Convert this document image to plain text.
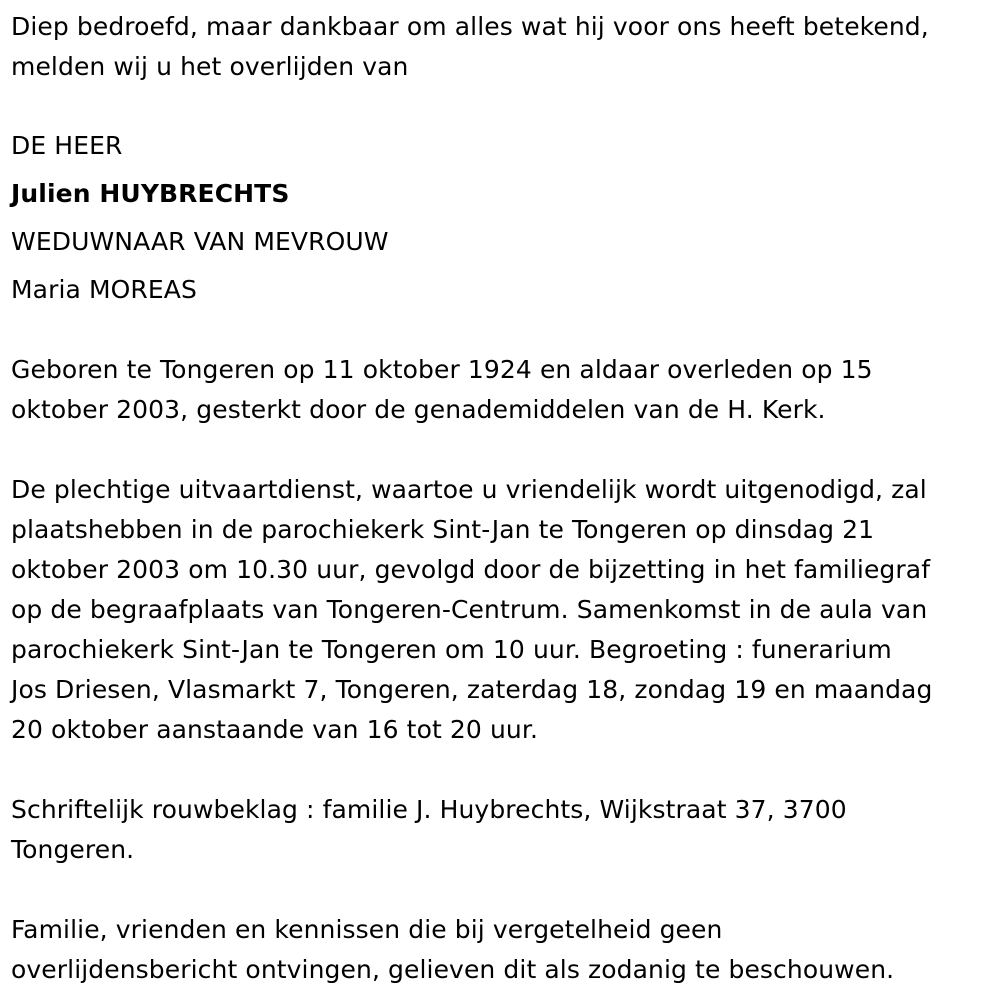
Diep bedroefd, maar dankbaar om alles wat hij voor ons heeft betekend,

melden wij u het overlijden van

DE HEER

Julien HUYBRECHTS

WEDUWNAAR VAN MEVROUW

Maria MOREAS

Geboren te Tongeren op 11 oktober 1924 en aldaar overleden op 15

oktober 2003, gesterkt door de genademiddelen van de H. Kerk.

De plechtige uitvaartdienst, waartoe u vriendelijk wordt uitgenodigd, zal

plaatshebben in de parochiekerk Sint-Jan te Tongeren op dinsdag 21

oktober 2003 om 10.30 uur, gevolgd door de bijzetting in het familiegraf

op de begraafplaats van Tongeren-Centrum. Samenkomst in de aula van

parochiekerk Sint-Jan te Tongeren om 10 uur. Begroeting : funerarium

Jos Driesen, Vlasmarkt 7, Tongeren, zaterdag 18, zondag 19 en maandag

20 oktober aanstaande van 16 tot 20 uur.

Schriftelijk rouwbeklag : familie J. Huybrechts, Wijkstraat 37, 3700

Tongeren.

Familie, vrienden en kennissen die bij vergetelheid geen

overlijdensbericht ontvingen, gelieven dit als zodanig te beschouwen.
